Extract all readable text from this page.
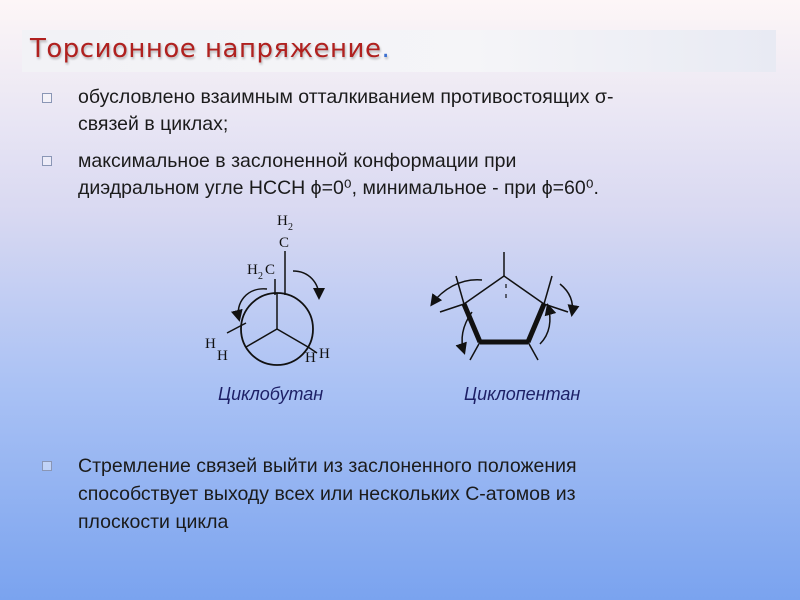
Торсионное напряжение.
обусловлено взаимным отталкиванием противостоящих σ-
связей в циклах;
максимальное в заслоненной конформации при
диэдральном угле HCCH ϕ=0⁰, минимальное - при ϕ=60⁰.
H 2
C
H 2 C
H
H	H H
Циклобутан	Циклопентан
Стремление связей выйти из заслоненного положения
способствует выходу всех или нескольких С-атомов из
плоскости цикла
